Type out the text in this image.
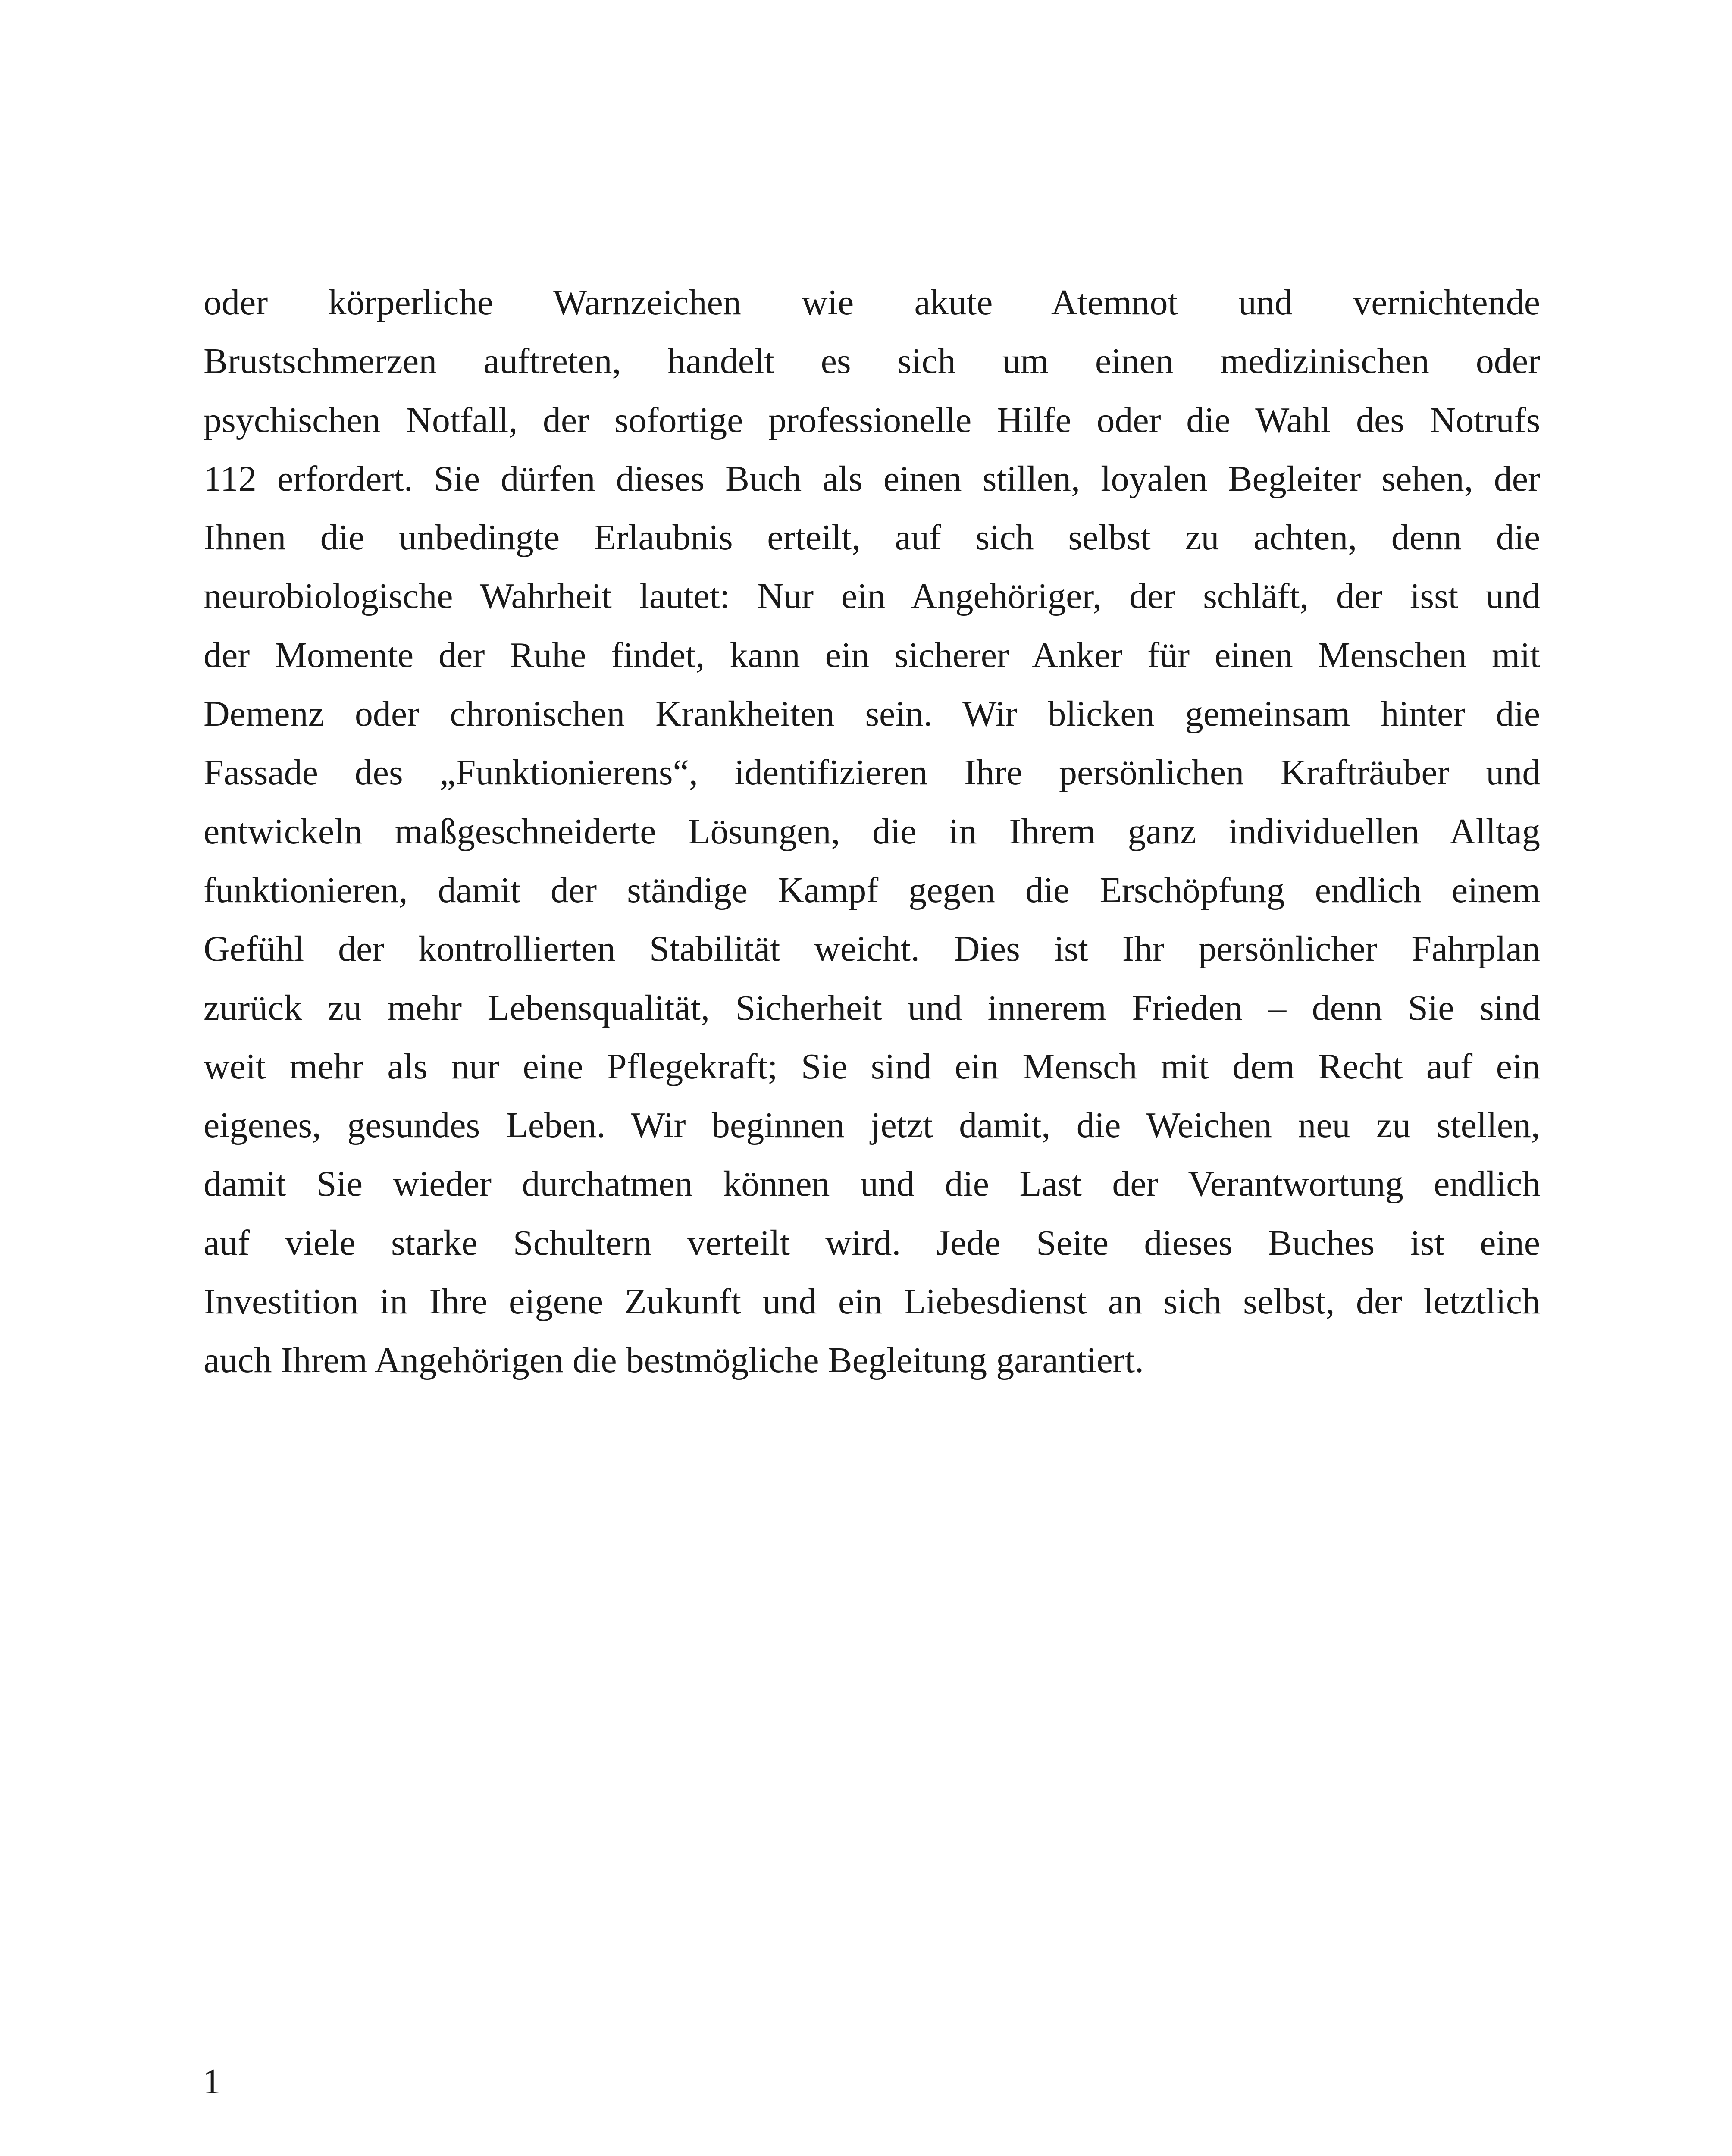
oder körperliche Warnzeichen wie akute Atemnot und vernichtende
Brustschmerzen auftreten, handelt es sich um einen medizinischen oder
psychischen Notfall, der sofortige professionelle Hilfe oder die Wahl des Notrufs
112 erfordert. Sie dürfen dieses Buch als einen stillen, loyalen Begleiter sehen, der
Ihnen die unbedingte Erlaubnis erteilt, auf sich selbst zu achten, denn die
neurobiologische Wahrheit lautet: Nur ein Angehöriger, der schläft, der isst und
der Momente der Ruhe findet, kann ein sicherer Anker für einen Menschen mit
Demenz oder chronischen Krankheiten sein. Wir blicken gemeinsam hinter die
Fassade des „Funktionierens“, identifizieren Ihre persönlichen Krafträuber und
entwickeln maßgeschneiderte Lösungen, die in Ihrem ganz individuellen Alltag
funktionieren, damit der ständige Kampf gegen die Erschöpfung endlich einem
Gefühl der kontrollierten Stabilität weicht. Dies ist Ihr persönlicher Fahrplan
zurück zu mehr Lebensqualität, Sicherheit und innerem Frieden – denn Sie sind
weit mehr als nur eine Pflegekraft; Sie sind ein Mensch mit dem Recht auf ein
eigenes, gesundes Leben. Wir beginnen jetzt damit, die Weichen neu zu stellen,
damit Sie wieder durchatmen können und die Last der Verantwortung endlich
auf viele starke Schultern verteilt wird. Jede Seite dieses Buches ist eine
Investition in Ihre eigene Zukunft und ein Liebesdienst an sich selbst, der letztlich
auch Ihrem Angehörigen die bestmögliche Begleitung garantiert.

1
